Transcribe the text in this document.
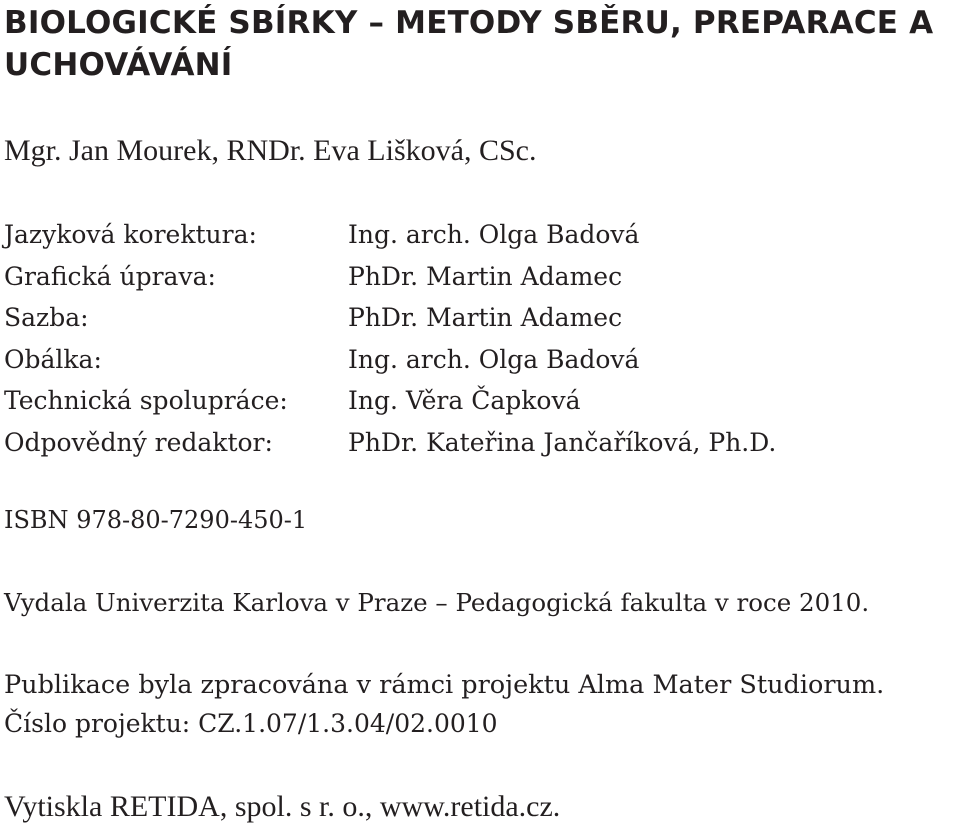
BIOLOGICKÉ SBÍRKY – METODY SBĚRU, PREPARACE A UCHOVÁVÁNÍ
Mgr. Jan Mourek, RNDr. Eva Lišková, CSc.
Jazyková korektura:	Ing. arch. Olga Badová
Grafická úprava:	PhDr. Martin Adamec
Sazba:	PhDr. Martin Adamec
Obálka:	Ing. arch. Olga Badová
Technická spolupráce:	Ing. Věra Čapková
Odpovědný redaktor:	PhDr. Kateřina Jančaříková, Ph.D.
ISBN 978-80-7290-450-1
Vydala Univerzita Karlova v Praze – Pedagogická fakulta v roce 2010.
Publikace byla zpracována v rámci projektu Alma Mater Studiorum.
Číslo projektu: CZ.1.07/1.3.04/02.0010
Vytiskla RETIDA, spol. s r. o., www.retida.cz.
